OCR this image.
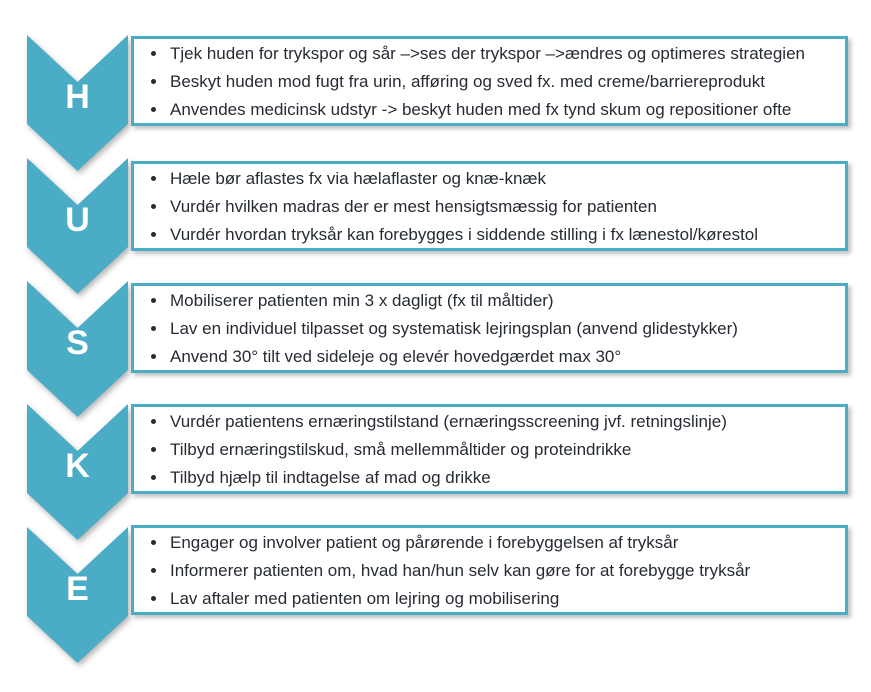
H
• Tjek huden for trykspor og sår –>ses der trykspor –>ændres og optimeres strategien
• Beskyt huden mod fugt fra urin, afføring og sved fx. med creme/barriereprodukt
• Anvendes medicinsk udstyr -> beskyt huden med fx tynd skum og repositioner ofte
U
• Hæle bør aflastes fx via hælaflaster og knæ-knæk
• Vurdér hvilken madras der er mest hensigtsmæssig for patienten
• Vurdér hvordan tryksår kan forebygges i siddende stilling i fx lænestol/kørestol
S
• Mobiliserer patienten min 3 x dagligt (fx til måltider)
• Lav en individuel tilpasset og systematisk lejringsplan (anvend glidestykker)
• Anvend 30° tilt ved sideleje og elevér hovedgærdet max 30°
K
• Vurdér patientens ernæringstilstand (ernæringsscreening jvf. retningslinje)
• Tilbyd ernæringstilskud, små mellemmåltider og proteindrikke
• Tilbyd hjælp til indtagelse af mad og drikke
E
• Engager og involver patient og pårørende i forebyggelsen af tryksår
• Informerer patienten om, hvad han/hun selv kan gøre for at forebygge tryksår
• Lav aftaler med patienten om lejring og mobilisering
